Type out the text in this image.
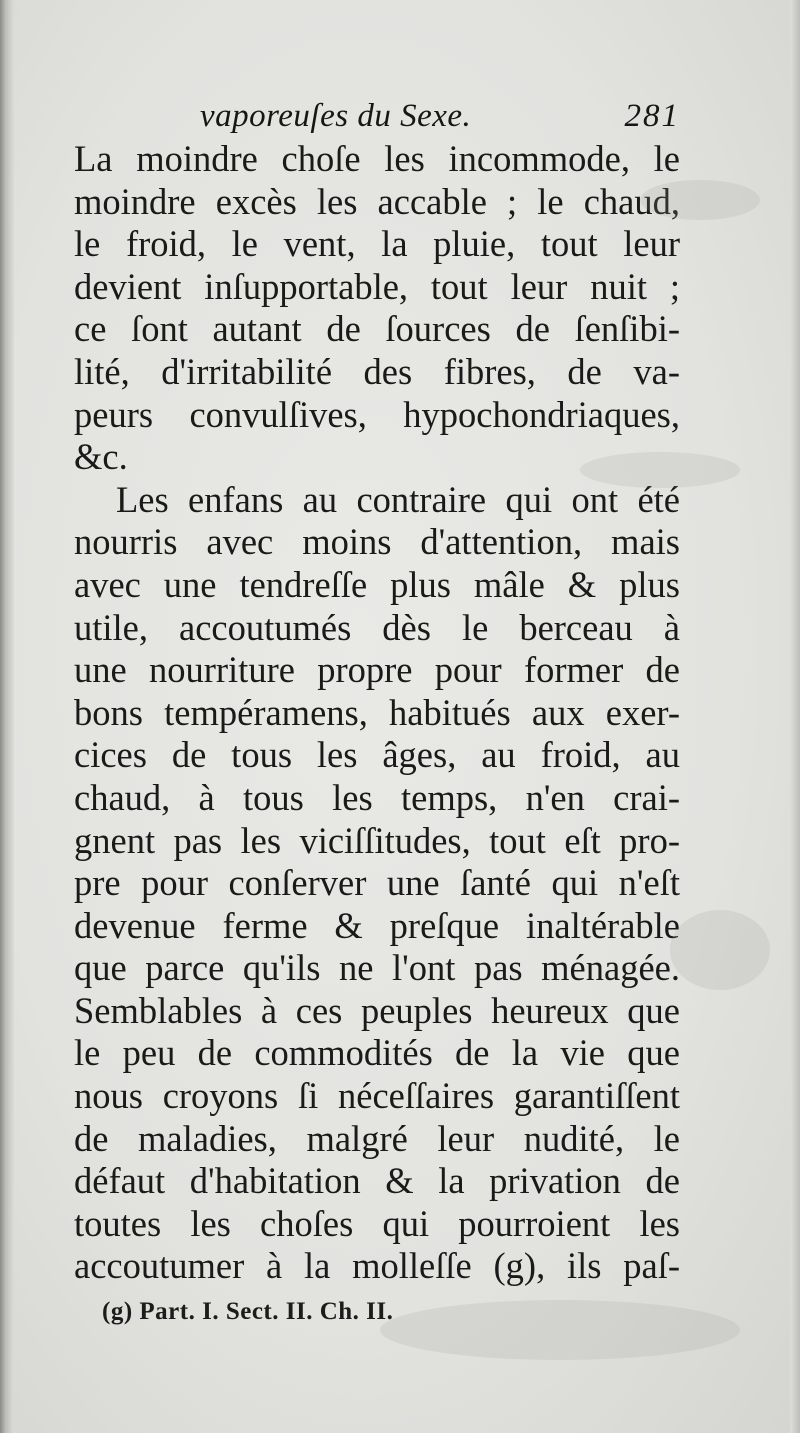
vaporeuſes du Sexe.	281
La moindre choſe les incommode, le
moindre excès les accable ; le chaud,
le froid, le vent, la pluie, tout leur
devient inſupportable, tout leur nuit ;
ce ſont autant de ſources de ſenſibi-
lité, d'irritabilité des fibres, de va-
peurs convulſives, hypochondriaques,
&c.
Les enfans au contraire qui ont été
nourris avec moins d'attention, mais
avec une tendreſſe plus mâle & plus
utile, accoutumés dès le berceau à
une nourriture propre pour former de
bons tempéramens, habitués aux exer-
cices de tous les âges, au froid, au
chaud, à tous les temps, n'en crai-
gnent pas les viciſſitudes, tout eſt pro-
pre pour conſerver une ſanté qui n'eſt
devenue ferme & preſque inaltérable
que parce qu'ils ne l'ont pas ménagée.
Semblables à ces peuples heureux que
le peu de commodités de la vie que
nous croyons ſi néceſſaires garantiſſent
de maladies, malgré leur nudité, le
défaut d'habitation & la privation de
toutes les choſes qui pourroient les
accoutumer à la molleſſe (g), ils paſ-
(g) Part. I. Sect. II. Ch. II.
